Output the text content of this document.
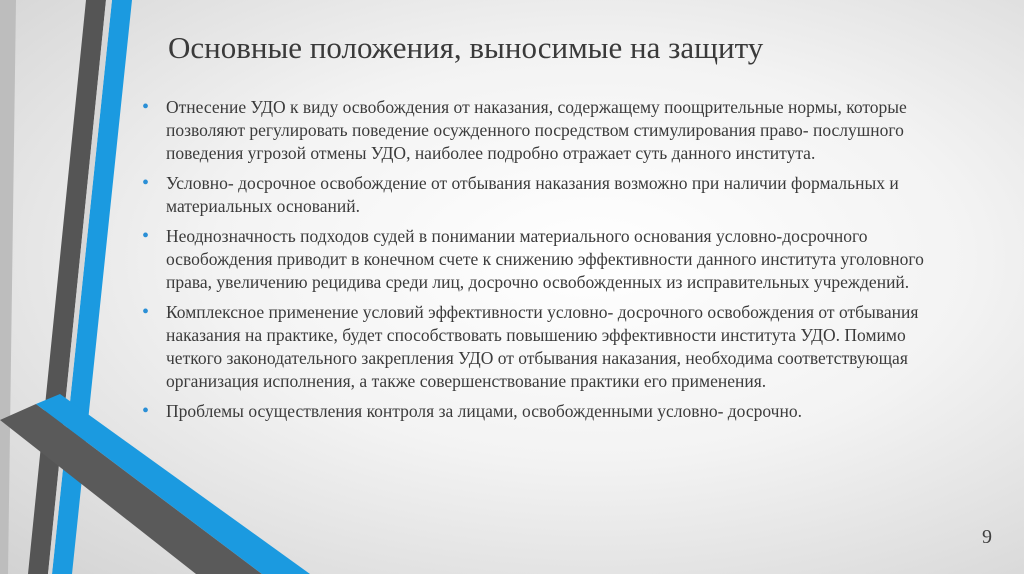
Основные положения, выносимые на защиту
• Отнесение УДО к виду освобождения от наказания, содержащему поощрительные нормы, которые позволяют регулировать поведение осужденного посредством стимулирования право- послушного поведения угрозой отмены УДО, наиболее подробно отражает суть данного института.
• Условно- досрочное освобождение от отбывания наказания возможно при наличии формальных и материальных оснований.
• Неоднозначность подходов судей в понимании материального основания условно-досрочного освобождения приводит в конечном счете к снижению эффективности данного института уголовного права, увеличению рецидива среди лиц, досрочно освобожденных из исправительных учреждений.
• Комплексное применение условий эффективности условно- досрочного освобождения от отбывания наказания на практике, будет способствовать повышению эффективности института УДО. Помимо четкого законодательного закрепления УДО от отбывания наказания, необходима соответствующая организация исполнения, а также совершенствование практики его применения.
• Проблемы осуществления контроля за лицами, освобожденными условно- досрочно.
9
